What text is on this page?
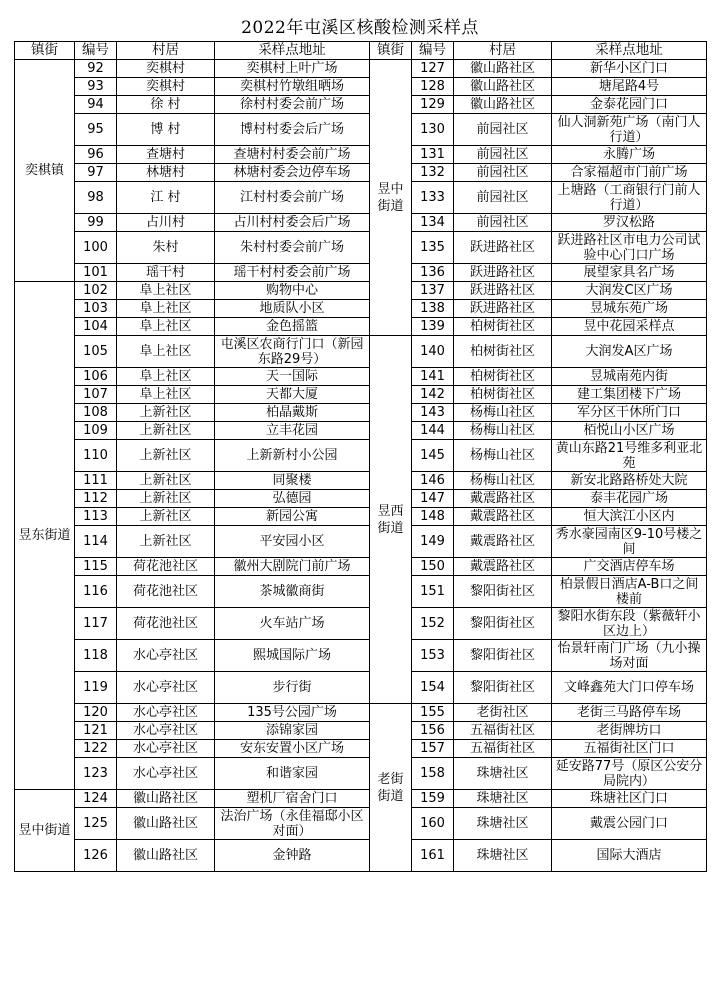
2022年屯溪区核酸检测采样点
镇街	编号	村居	采样点地址	镇街	编号	村居	采样点地址
奕棋镇	92	奕棋村	奕棋村上叶广场	昱中街道	127	徽山路社区	新华小区门口
	93	奕棋村	奕棋村竹墩组晒场		128	徽山路社区	塘尾路4号
	94	徐 村	徐村村委会前广场		129	徽山路社区	金泰花园门口
	95	博 村	博村村委会后广场		130	前园社区	仙人洞新苑广场（南门人行道）
	96	查塘村	查塘村村委会前广场		131	前园社区	永腾广场
	97	林塘村	林塘村委会边停车场		132	前园社区	合家福超市门前广场
	98	江 村	江村村委会前广场		133	前园社区	上塘路（工商银行门前人行道）
	99	占川村	占川村村委会后广场		134	前园社区	罗汉松路
	100	朱村	朱村村委会前广场		135	跃进路社区	跃进路社区市电力公司试验中心门口广场
	101	瑶干村	瑶干村村委会前广场		136	跃进路社区	展望家具名广场
昱东街道	102	阜上社区	购物中心		137	跃进路社区	大润发C区广场
	103	阜上社区	地质队小区		138	跃进路社区	昱城东苑广场
	104	阜上社区	金色摇篮		139	柏树街社区	昱中花园采样点
	105	阜上社区	屯溪区农商行门口（新园东路29号）	昱西街道	140	柏树街社区	大润发A区广场
	106	阜上社区	天一国际		141	柏树街社区	昱城南苑内街
	107	阜上社区	天都大厦		142	柏树街社区	建工集团楼下广场
	108	上新社区	柏晶戴斯		143	杨梅山社区	军分区干休所门口
	109	上新社区	立丰花园		144	杨梅山社区	栢悦山小区广场
	110	上新社区	上新新村小公园		145	杨梅山社区	黄山东路21号维多利亚北苑
	111	上新社区	同聚楼		146	杨梅山社区	新安北路路桥处大院
	112	上新社区	弘德园		147	戴震路社区	泰丰花园广场
	113	上新社区	新园公寓		148	戴震路社区	恒大滨江小区内
	114	上新社区	平安园小区		149	戴震路社区	秀水豪园南区9-10号楼之间
	115	荷花池社区	徽州大剧院门前广场		150	戴震路社区	广交酒店停车场
	116	荷花池社区	茶城徽商街		151	黎阳街社区	柏景假日酒店A-B口之间楼前
	117	荷花池社区	火车站广场		152	黎阳街社区	黎阳水街东段（紫薇轩小区边上）
	118	水心亭社区	熙城国际广场		153	黎阳街社区	怡景轩南门广场（九小操场对面
	119	水心亭社区	步行街		154	黎阳街社区	文峰鑫苑大门口停车场
	120	水心亭社区	135号公园广场	老街街道	155	老街社区	老街三马路停车场
	121	水心亭社区	添锦家园		156	五福街社区	老街牌坊口
	122	水心亭社区	安东安置小区广场		157	五福街社区	五福街社区门口
	123	水心亭社区	和谐家园		158	珠塘社区	延安路77号（原区公安分局院内）
昱中街道	124	徽山路社区	塑机厂宿舍门口		159	珠塘社区	珠塘社区门口
	125	徽山路社区	法治广场（永佳福邸小区对面）		160	珠塘社区	戴震公园门口
	126	徽山路社区	金钟路		161	珠塘社区	国际大酒店
